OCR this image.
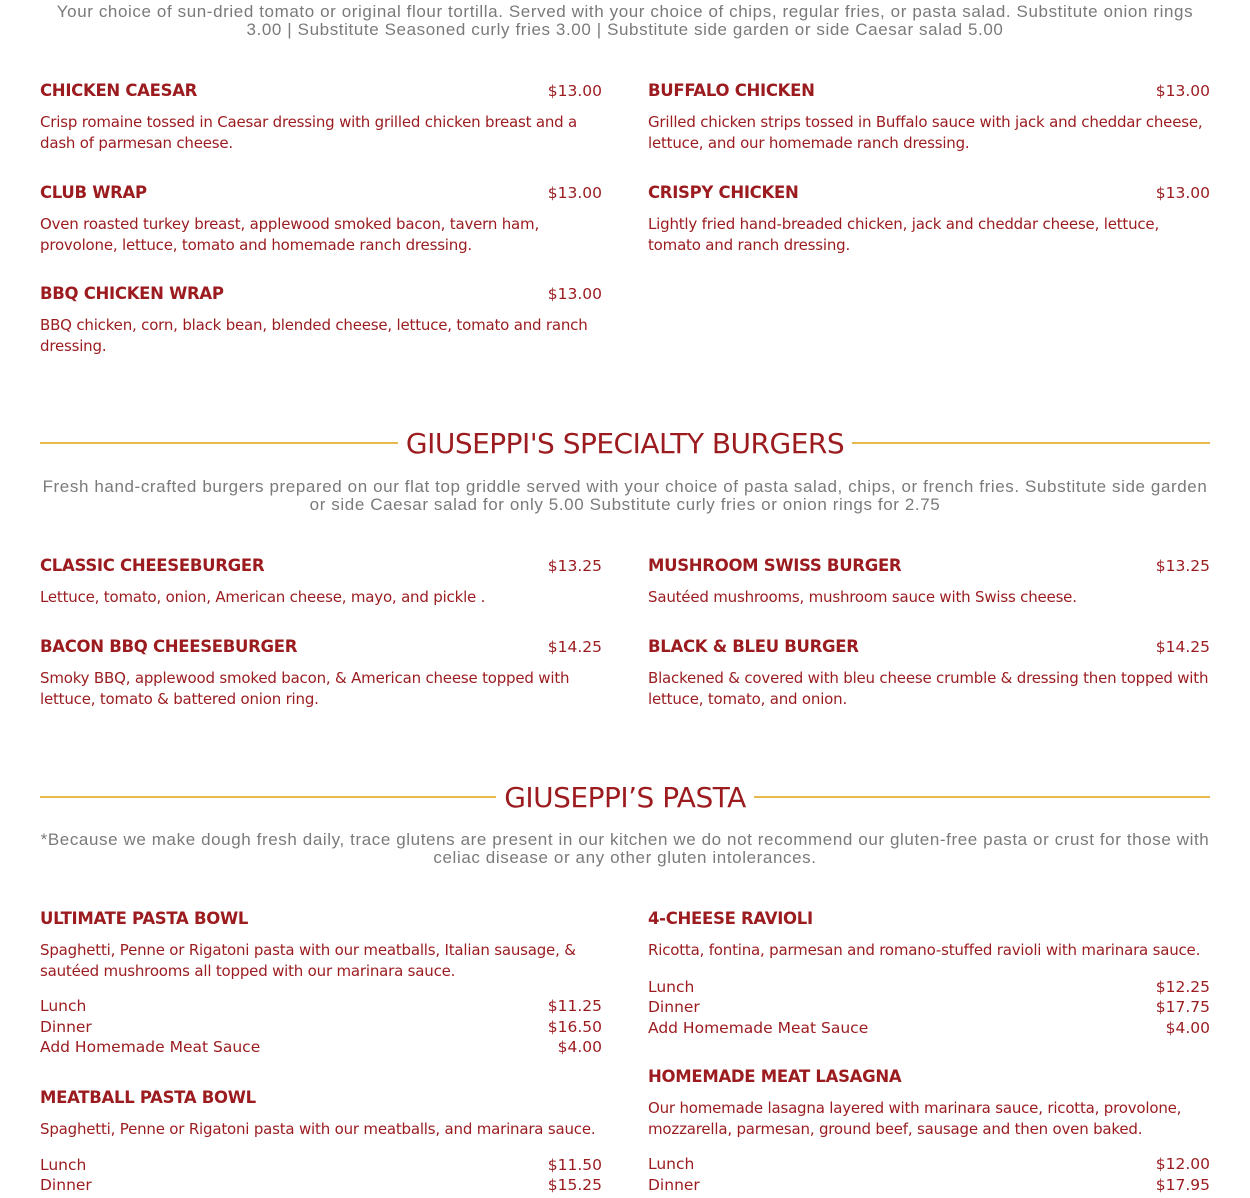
Your choice of sun-dried tomato or original flour tortilla. Served with your choice of chips, regular fries, or pasta salad. Substitute onion rings 3.00 | Substitute Seasoned curly fries 3.00 | Substitute side garden or side Caesar salad 5.00
CHICKEN CAESAR	$13.00
Crisp romaine tossed in Caesar dressing with grilled chicken breast and a dash of parmesan cheese.
BUFFALO CHICKEN	$13.00
Grilled chicken strips tossed in Buffalo sauce with jack and cheddar cheese, lettuce, and our homemade ranch dressing.
CLUB WRAP	$13.00
Oven roasted turkey breast, applewood smoked bacon, tavern ham, provolone, lettuce, tomato and homemade ranch dressing.
CRISPY CHICKEN	$13.00
Lightly fried hand-breaded chicken, jack and cheddar cheese, lettuce, tomato and ranch dressing.
BBQ CHICKEN WRAP	$13.00
BBQ chicken, corn, black bean, blended cheese, lettuce, tomato and ranch dressing.
GIUSEPPI'S SPECIALTY BURGERS
Fresh hand-crafted burgers prepared on our flat top griddle served with your choice of pasta salad, chips, or french fries. Substitute side garden or side Caesar salad for only 5.00 Substitute curly fries or onion rings for 2.75
CLASSIC CHEESEBURGER	$13.25
Lettuce, tomato, onion, American cheese, mayo, and pickle .
MUSHROOM SWISS BURGER	$13.25
Sautéed mushrooms, mushroom sauce with Swiss cheese.
BACON BBQ CHEESEBURGER	$14.25
Smoky BBQ, applewood smoked bacon, & American cheese topped with lettuce, tomato & battered onion ring.
BLACK & BLEU BURGER	$14.25
Blackened & covered with bleu cheese crumble & dressing then topped with lettuce, tomato, and onion.
GIUSEPPI’S PASTA
*Because we make dough fresh daily, trace glutens are present in our kitchen we do not recommend our gluten-free pasta or crust for those with celiac disease or any other gluten intolerances.
ULTIMATE PASTA BOWL
Spaghetti, Penne or Rigatoni pasta with our meatballs, Italian sausage, & sautéed mushrooms all topped with our marinara sauce.
Lunch	$11.25
Dinner	$16.50
Add Homemade Meat Sauce	$4.00
4-CHEESE RAVIOLI
Ricotta, fontina, parmesan and romano-stuffed ravioli with marinara sauce.
Lunch	$12.25
Dinner	$17.75
Add Homemade Meat Sauce	$4.00
MEATBALL PASTA BOWL
Spaghetti, Penne or Rigatoni pasta with our meatballs, and marinara sauce.
Lunch	$11.50
Dinner	$15.25
HOMEMADE MEAT LASAGNA
Our homemade lasagna layered with marinara sauce, ricotta, provolone, mozzarella, parmesan, ground beef, sausage and then oven baked.
Lunch	$12.00
Dinner	$17.95
